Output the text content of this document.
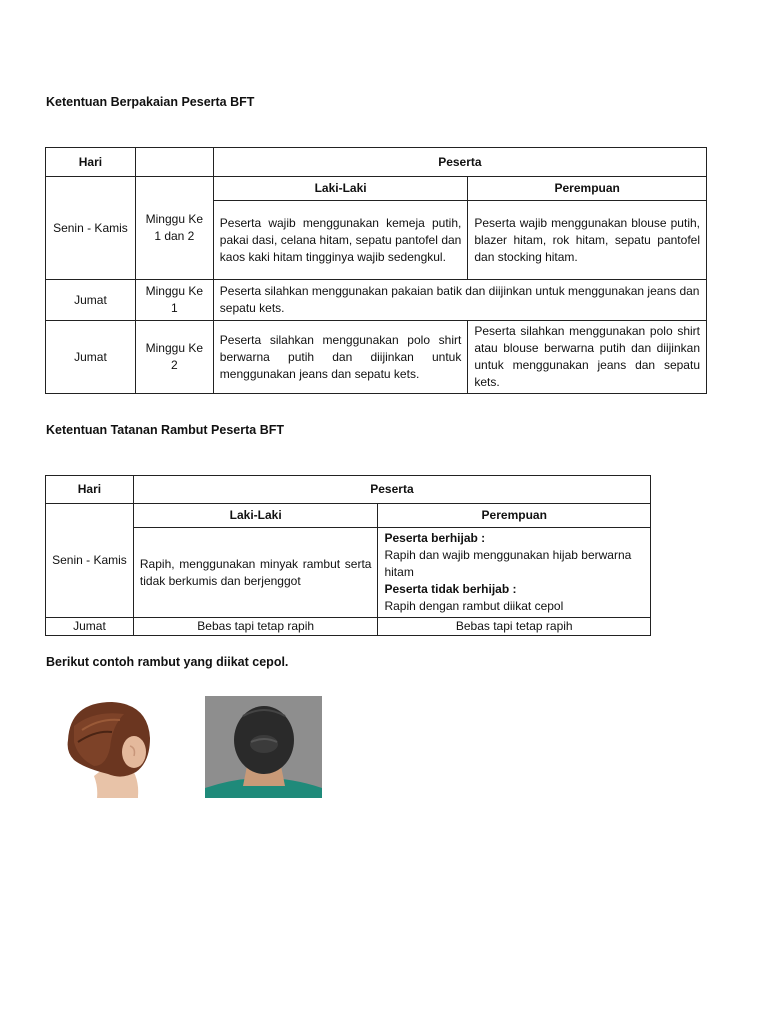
Ketentuan Berpakaian Peserta BFT
Hari		Peserta	
Senin - Kamis	Minggu Ke 1 dan 2	Laki-Laki	Perempuan
		Peserta wajib menggunakan kemeja putih, pakai dasi, celana hitam, sepatu pantofel dan kaos kaki hitam tingginya wajib sedengkul.	Peserta wajib menggunakan blouse putih, blazer hitam, rok hitam, sepatu pantofel dan stocking hitam.
Jumat	Minggu Ke 1	Peserta silahkan menggunakan pakaian batik dan diijinkan untuk menggunakan jeans dan sepatu kets.	
Jumat	Minggu Ke 2	Peserta silahkan menggunakan polo shirt berwarna putih dan diijinkan untuk menggunakan jeans dan sepatu kets.	Peserta silahkan menggunakan polo shirt atau blouse berwarna putih dan diijinkan untuk menggunakan jeans dan sepatu kets.
Ketentuan Tatanan Rambut Peserta BFT
Hari	Peserta	
Senin - Kamis	Laki-Laki	Perempuan
	Rapih, menggunakan minyak rambut serta tidak berkumis dan berjenggot	Peserta berhijab :
Rapih dan wajib menggunakan hijab berwarna hitam
Peserta tidak berhijab :
Rapih dengan rambut diikat cepol

Jumat	Bebas tapi tetap rapih	Bebas tapi tetap rapih
Berikut contoh rambut yang diikat cepol.
